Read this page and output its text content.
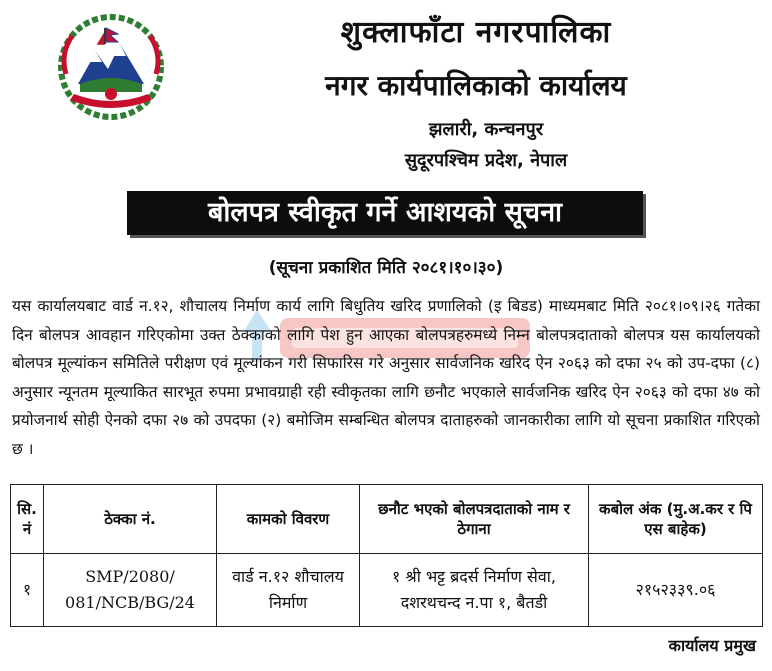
शुक्लाफाँटा नगरपालिका
नगर कार्यपालिकाको कार्यालय
झलारी, कन्चनपुर
सुदूरपश्चिम प्रदेश, नेपाल
बोलपत्र स्वीकृत गर्ने आशयको सूचना
(सूचना प्रकाशित मिति २०८१।१०।३०)
यस कार्यालयबाट वार्ड न.१२, शौचालय निर्माण कार्य लागि बिधुतिय खरिद प्रणालिको (इ बिडड) माध्यमबाट मिति २०८१।०९।२६ गतेका दिन बोलपत्र आवहान गरिएकोमा उक्त ठेक्काको लागि पेश हुन आएका बोलपत्रहरुमध्ये निम्न बोलपत्रदाताको बोलपत्र यस कार्यालयको बोलपत्र मूल्यांकन समितिले परीक्षण एवं मूल्यांकन गरी सिफारिस गरे अनुसार सार्वजनिक खरिद ऐन २०६३ को दफा २५ को उप-दफा (८) अनुसार न्यूनतम मूल्याकित सारभूत रुपमा प्रभावग्राही रही स्वीकृतका लागि छनौट भएकाले सार्वजनिक खरिद ऐन २०६३ को दफा ४७ को प्रयोजनार्थ सोही ऐनको दफा २७ को उपदफा (२) बमोजिम सम्बन्धित बोलपत्र दाताहरुको जानकारीका लागि यो सूचना प्रकाशित गरिएको छ ।
सि. नं	ठेक्का नं.	कामको विवरण	छनौट भएको बोलपत्रदाताको नाम र ठेगाना	कबोल अंक (मु.अ.कर र पि एस बाहेक)
१	SMP/2080/ 081/NCB/BG/24	वार्ड न.१२ शौचालय निर्माण	१ श्री भट्ट ब्रदर्स निर्माण सेवा, दशरथचन्द न.पा १, बैतडी	२१५२३३९.०६
कार्यालय प्रमुख
